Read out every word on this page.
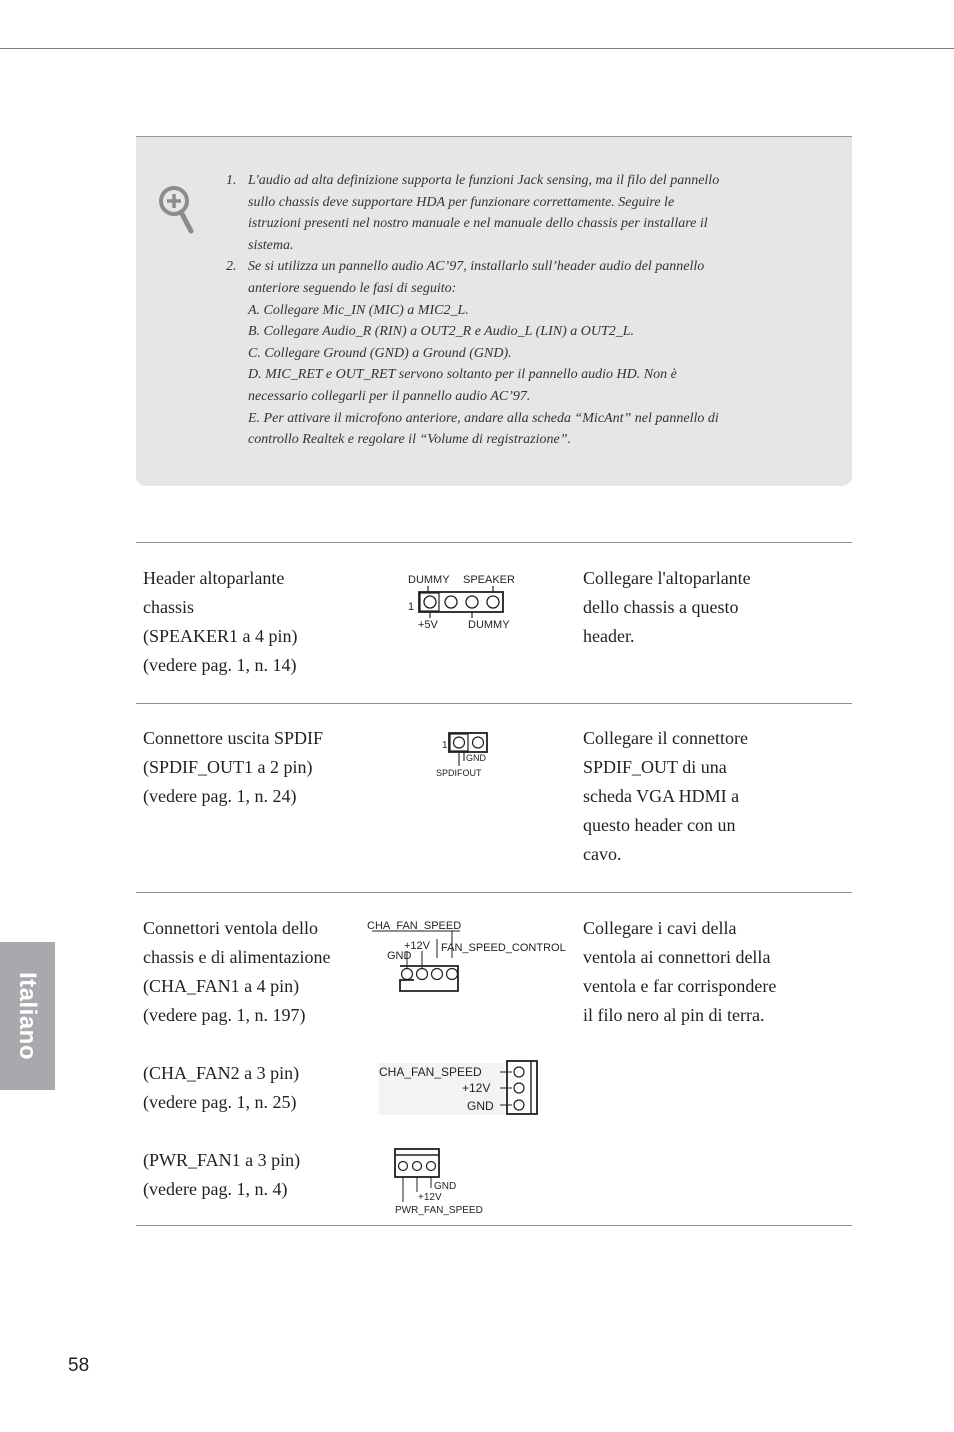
1. L'audio ad alta definizione supporta le funzioni Jack sensing, ma il filo del pannello
sullo chassis deve supportare HDA per funzionare correttamente. Seguire le
istruzioni presenti nel nostro manuale e nel manuale dello chassis per installare il
sistema.
2. Se si utilizza un pannello audio AC’97, installarlo sull’header audio del pannello
anteriore seguendo le fasi di seguito:
A. Collegare Mic_IN (MIC) a MIC2_L.
B. Collegare Audio_R (RIN) a OUT2_R e Audio_L (LIN) a OUT2_L.
C. Collegare Ground (GND) a Ground (GND).
D. MIC_RET e OUT_RET servono soltanto per il pannello audio HD. Non è
necessario collegarli per il pannello audio AC’97.
E. Per attivare il microfono anteriore, andare alla scheda “MicAnt” nel pannello di
controllo Realtek e regolare il “Volume di registrazione”.
Header altoparlante
chassis
(SPEAKER1 a 4 pin)
(vedere pag. 1, n. 14)
DUMMY SPEAKER
1
+5V	DUMMY
Collegare l'altoparlante
dello chassis a questo
header.
Connettore uscita SPDIF
(SPDIF_OUT1 a 2 pin)
(vedere pag. 1, n. 24)
1
GND
SPDIFOUT
Collegare il connettore
SPDIF_OUT di una
scheda VGA HDMI a
questo header con un
cavo.
Connettori ventola dello
chassis e di alimentazione
(CHA_FAN1 a 4 pin)
(vedere pag. 1, n. 197)
(CHA_FAN2 a 3 pin)
(vedere pag. 1, n. 25)
(PWR_FAN1 a 3 pin)
(vedere pag. 1, n. 4)
CHA_FAN_SPEED
+12V FAN_SPEED_CONTROL
GND
CHA_FAN_SPEED
+12V
GND
GND
+12V
PWR_FAN_SPEED
Collegare i cavi della
ventola ai connettori della
ventola e far corrispondere
il filo nero al pin di terra.
Italiano
58
